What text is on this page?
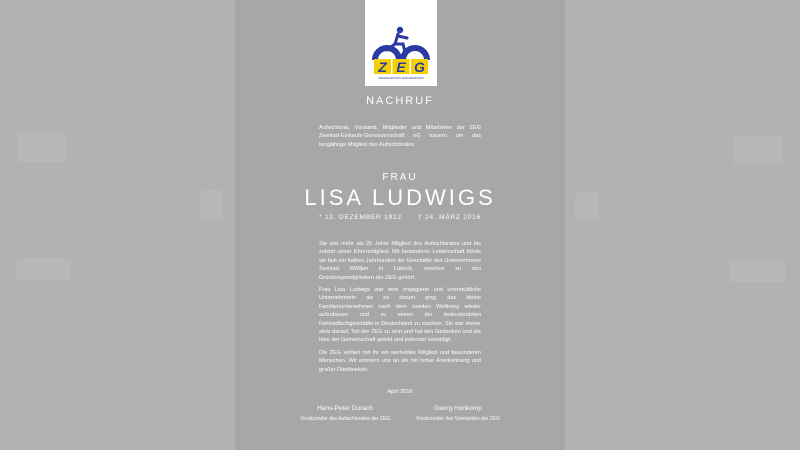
Z E G
ZWEIRAD EINKAUFS GENOSSENSCHAFT
NACHRUF

Aufsichtsrat, Vorstand, Mitglieder und Mitarbeiter der ZEG Zweirad-Einkaufs-Genossenschaft eG trauern um das langjährige Mitglied des Aufsichtsrates

FRAU
LISA LUDWIGS
* 12. DEZEMBER 1922	† 24. MÄRZ 2016

Sie war mehr als 25 Jahre Mitglied des Aufsichtsrates und bis zuletzt unser Ehrenmitglied. Mit besonderer Leidenschaft führte sie fast ein halbes Jahrhundert die Geschäfte des Unternehmens Zweirad Wölfjen in Lübeck, welches zu den Gründungsmitgliedern der ZEG gehört.

Frau Lisa Ludwigs war eine engagierte und unermüdliche Unternehmerin als es darum ging, das kleine Familienunternehmen nach dem zweiten Weltkrieg wieder aufzubauen und zu einem der bedeutendsten Fahrradfachgeschäfte in Deutschland zu machen. Sie war immer stolz darauf, Teil der ZEG zu sein und hat den Gedanken und die Idee der Gemeinschaft gelebt und jederzeit verteidigt.

Die ZEG verliert mit ihr ein wertvolles Mitglied und besonderen Menschen. Wir erinnern uns an sie mit hoher Anerkennung und großer Dankbarkeit.

April 2016
Hans-Peter Durach
Vorsitzender des Aufsichtsrates der ZEG
Georg Honkomp
Vorsitzender des Vorstandes der ZEG
